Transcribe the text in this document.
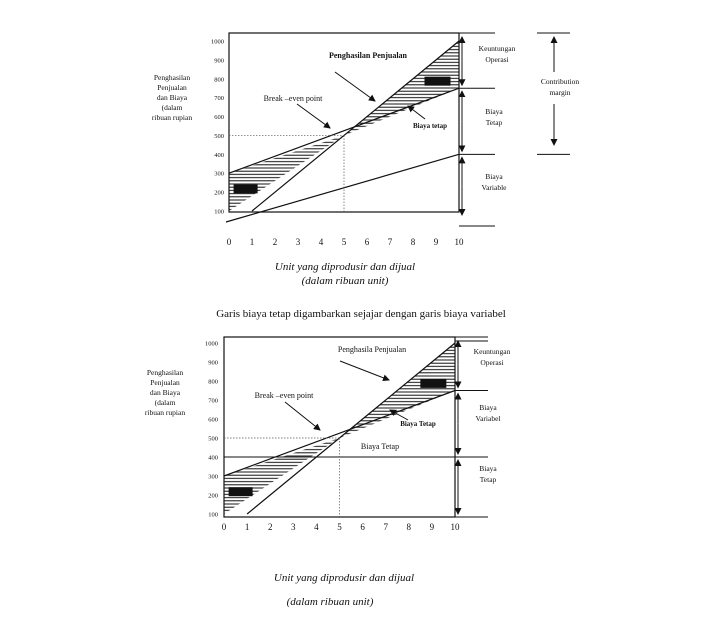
Penghasilan
Penjualan
dan Biaya
(dalam
ribuan rupian
100
200
300
400
500
600
700
800
900
1000
0 1 2 3 4 5 6 7 8 9 10
Penghasilan Penjualan
Break –even point
Biaya tetap
Keuntungan
Operasi
Biaya
Tetap
Biaya
Variable
Contribution
margin
Unit yang diprodusir dan dijual
(dalam ribuan unit)
Garis biaya tetap digambarkan sejajar dengan garis biaya variabel
Penghasilan
Penjualan
dan Biaya
(dalam
ribuan rupian
100
200
300
400
500
600
700
800
900
1000
0 1 2 3 4 5 6 7 8 9 10
Penghasila Penjualan
Break –even point
Biaya Tetap
Biaya Tetap
Keuntungan
Operasi
Biaya
Variabel
Biaya
Tetap
Unit yang diprodusir dan dijual
(dalam ribuan unit)
